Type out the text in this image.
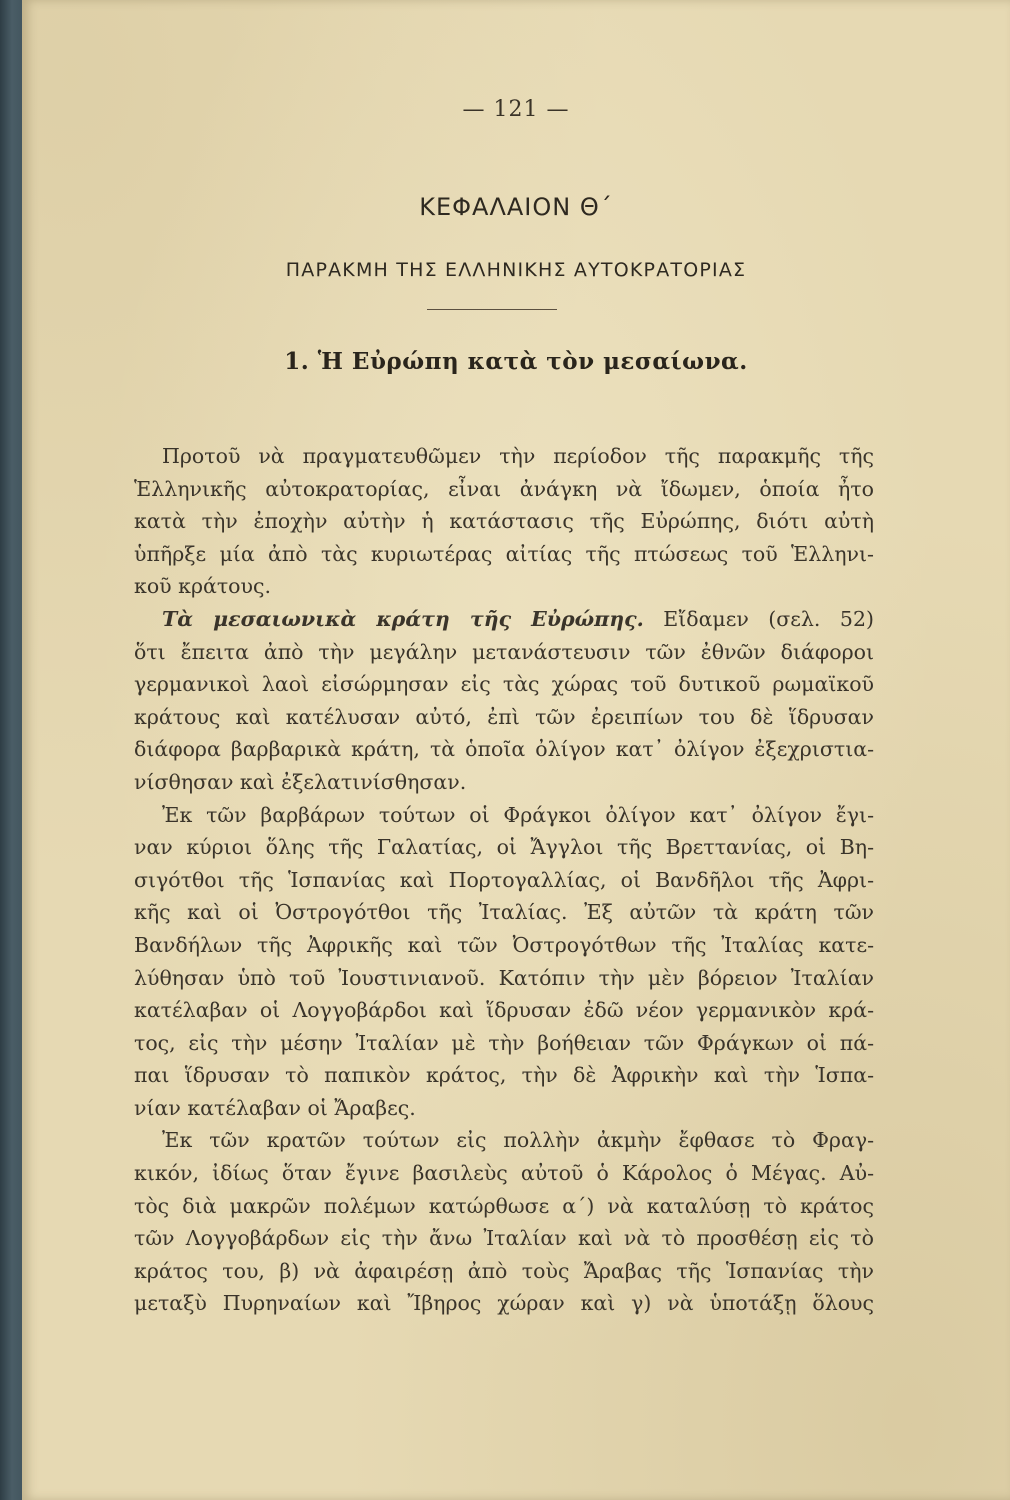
— 121 —
ΚΕΦΑΛΑΙΟΝ Θ΄
ΠΑΡΑΚΜΗ ΤΗΣ ΕΛΛΗΝΙΚΗΣ ΑΥΤΟΚΡΑΤΟΡΙΑΣ
1. Ἡ Εὐρώπη κατὰ τὸν μεσαίωνα.
Προτοῦ νὰ πραγματευθῶμεν τὴν περίοδον τῆς παρακμῆς τῆς
Ἑλληνικῆς αὐτοκρατορίας, εἶναι ἀνάγκη νὰ ἴδωμεν, ὁποία ἦτο
κατὰ τὴν ἐποχὴν αὐτὴν ἡ κατάστασις τῆς Εὐρώπης, διότι αὐτὴ
ὑπῆρξε μία ἀπὸ τὰς κυριωτέρας αἰτίας τῆς πτώσεως τοῦ Ἑλληνι-
κοῦ κράτους.
Τὰ μεσαιωνικὰ κράτη τῆς Εὐρώπης. Εἴδαμεν (σελ. 52)
ὅτι ἔπειτα ἀπὸ τὴν μεγάλην μετανάστευσιν τῶν ἐθνῶν διάφοροι
γερμανικοὶ λαοὶ εἰσώρμησαν εἰς τὰς χώρας τοῦ δυτικοῦ ρωμαϊκοῦ
κράτους καὶ κατέλυσαν αὐτό, ἐπὶ τῶν ἐρειπίων του δὲ ἵδρυσαν
διάφορα βαρβαρικὰ κράτη, τὰ ὁποῖα ὀλίγον κατ᾽ ὀλίγον ἐξεχριστια-
νίσθησαν καὶ ἐξελατινίσθησαν.
Ἐκ τῶν βαρβάρων τούτων οἱ Φράγκοι ὀλίγον κατ᾽ ὀλίγον ἔγι-
ναν κύριοι ὅλης τῆς Γαλατίας, οἱ Ἄγγλοι τῆς Βρεττανίας, οἱ Βη-
σιγότθοι τῆς Ἱσπανίας καὶ Πορτογαλλίας, οἱ Βανδῆλοι τῆς Ἀφρι-
κῆς καὶ οἱ Ὀστρογότθοι τῆς Ἰταλίας. Ἐξ αὐτῶν τὰ κράτη τῶν
Βανδήλων τῆς Ἀφρικῆς καὶ τῶν Ὀστρογότθων τῆς Ἰταλίας κατε-
λύθησαν ὑπὸ τοῦ Ἰουστινιανοῦ. Κατόπιν τὴν μὲν βόρειον Ἰταλίαν
κατέλαβαν οἱ Λογγοβάρδοι καὶ ἵδρυσαν ἐδῶ νέον γερμανικὸν κρά-
τος, εἰς τὴν μέσην Ἰταλίαν μὲ τὴν βοήθειαν τῶν Φράγκων οἱ πά-
παι ἵδρυσαν τὸ παπικὸν κράτος, τὴν δὲ Ἀφρικὴν καὶ τὴν Ἱσπα-
νίαν κατέλαβαν οἱ Ἄραβες.
Ἐκ τῶν κρατῶν τούτων εἰς πολλὴν ἀκμὴν ἔφθασε τὸ Φραγ-
κικόν, ἰδίως ὅταν ἔγινε βασιλεὺς αὐτοῦ ὁ Κάρολος ὁ Μέγας. Αὐ-
τὸς διὰ μακρῶν πολέμων κατώρθωσε α΄) νὰ καταλύσῃ τὸ κράτος
τῶν Λογγοβάρδων εἰς τὴν ἄνω Ἰταλίαν καὶ νὰ τὸ προσθέσῃ εἰς τὸ
κράτος του, β) νὰ ἀφαιρέσῃ ἀπὸ τοὺς Ἄραβας τῆς Ἱσπανίας τὴν
μεταξὺ Πυρηναίων καὶ Ἴβηρος χώραν καὶ γ) νὰ ὑποτάξῃ ὅλους
